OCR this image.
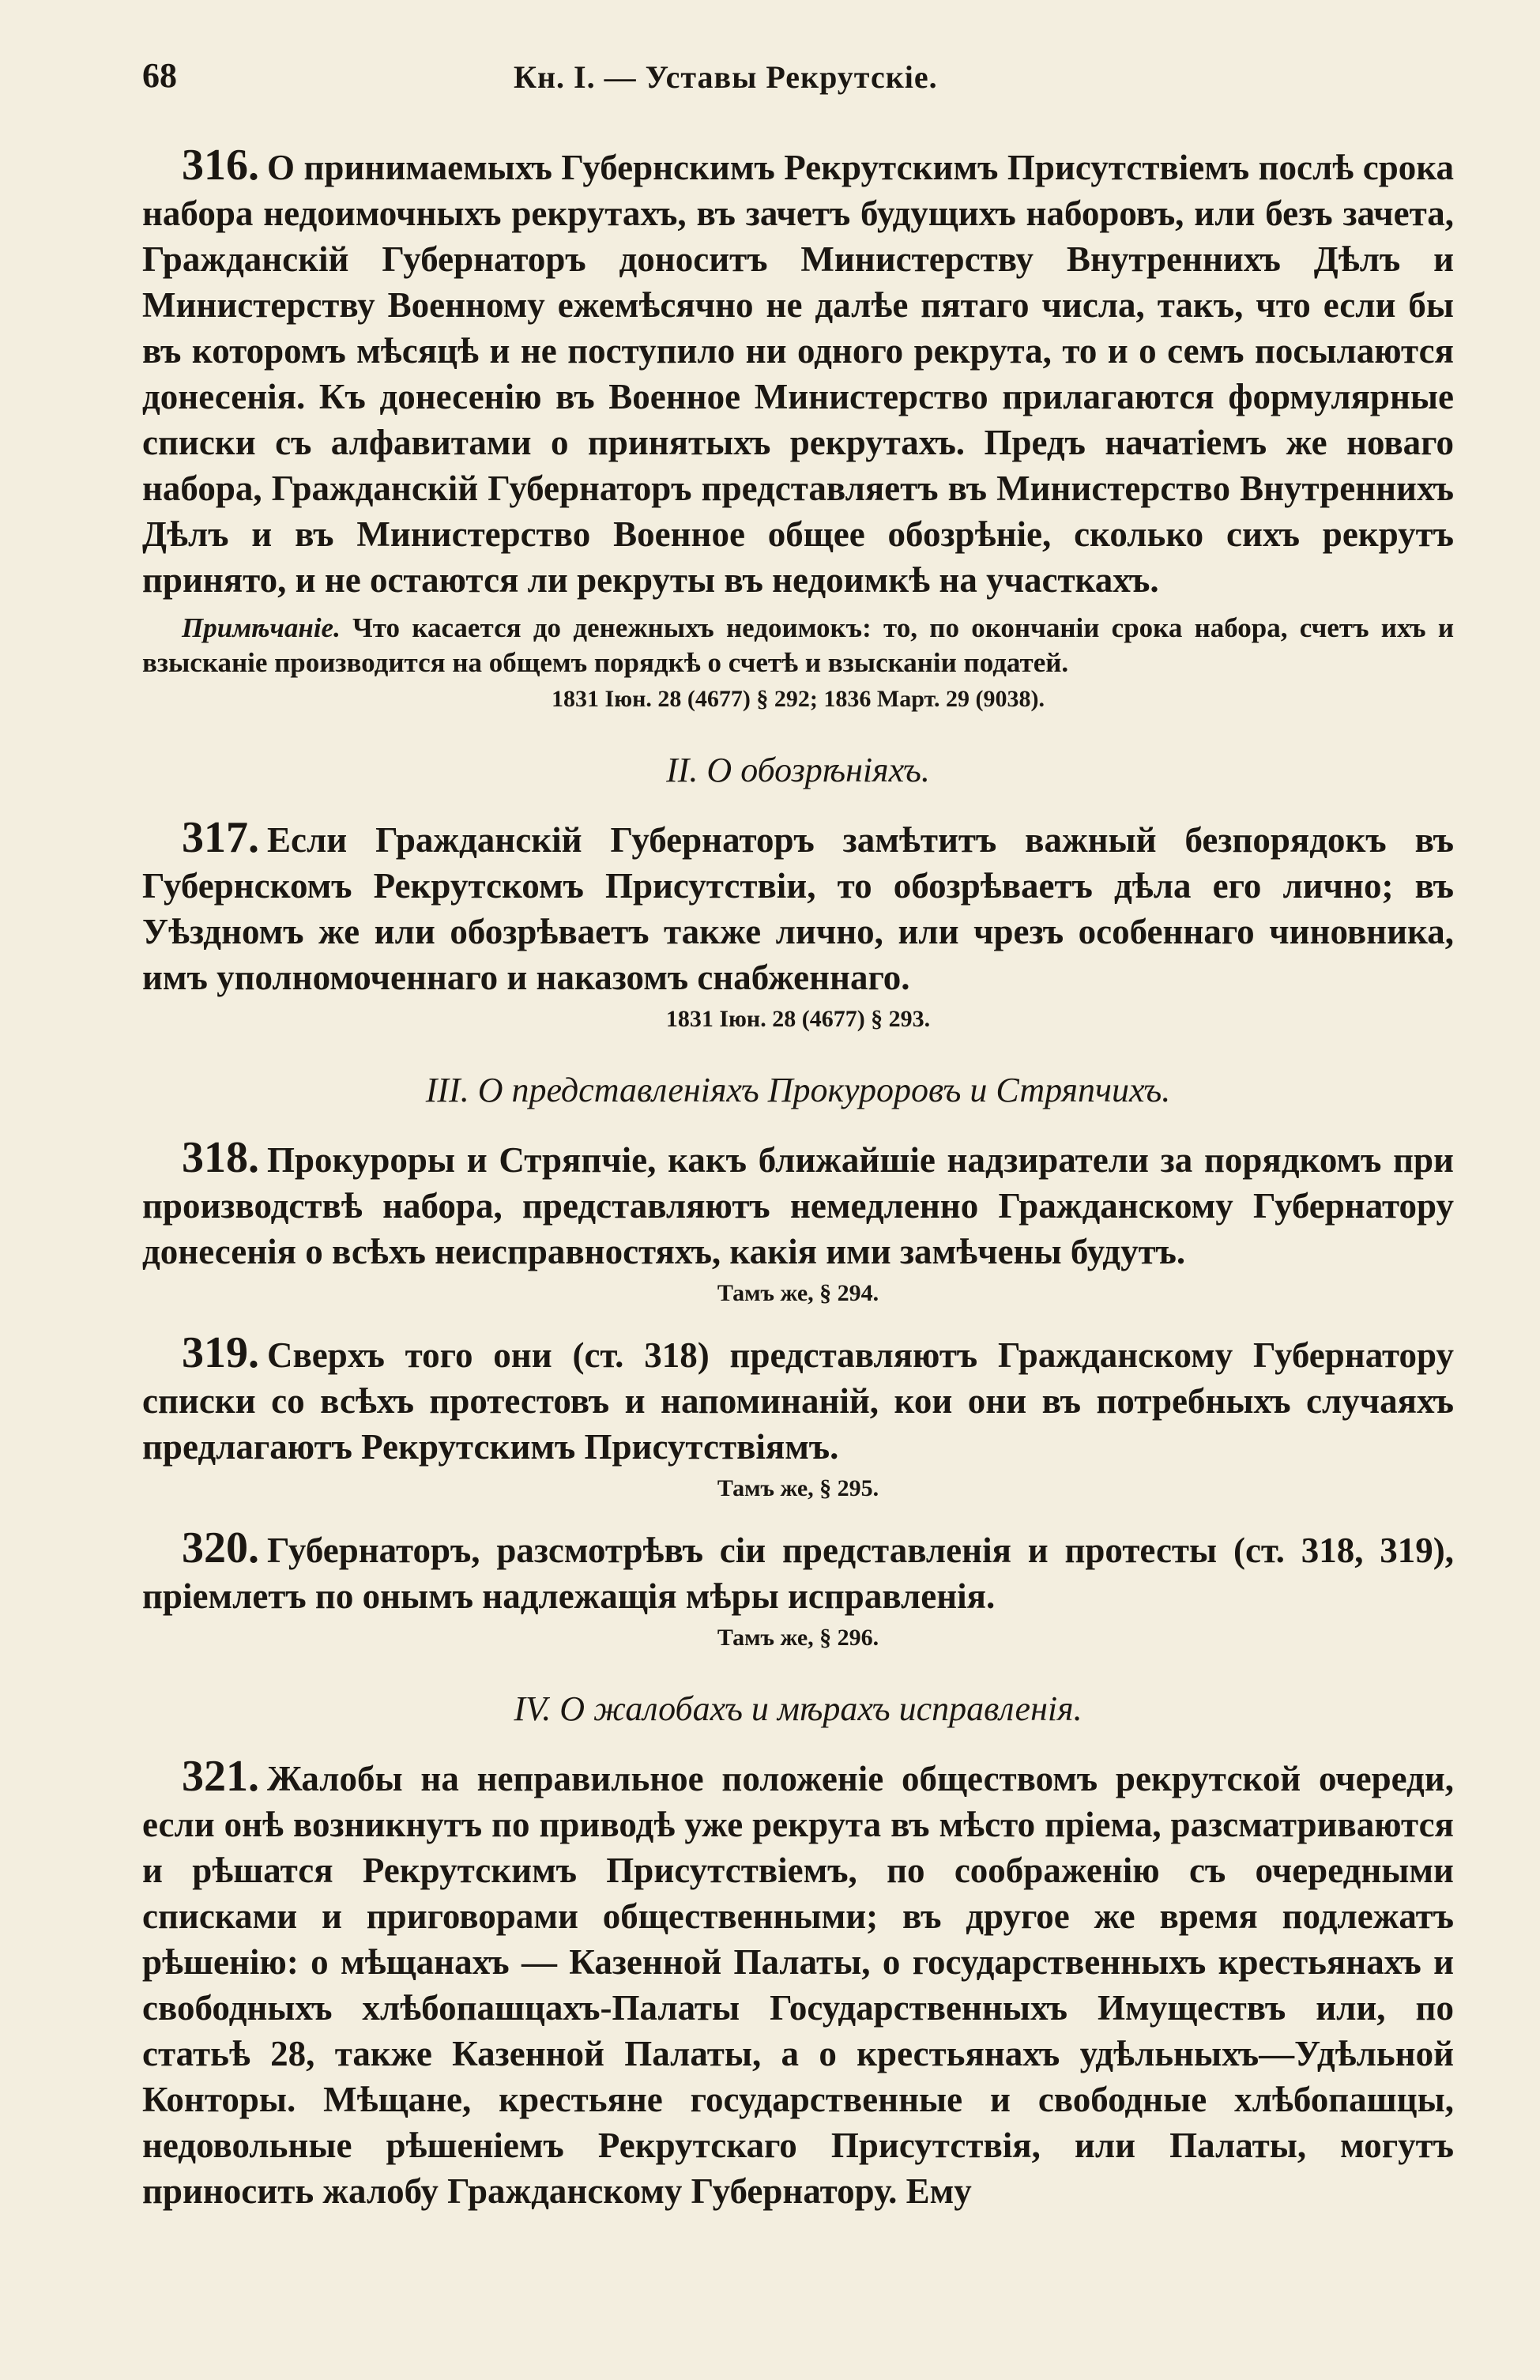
68	Кн. I. — Уставы Рекрутскіе.

316. О принимаемыхъ Губернскимъ Рекрутскимъ Присутствіемъ послѣ срока набора недоимочныхъ рекрутахъ, въ зачетъ будущихъ наборовъ, или безъ зачета, Гражданскій Губернаторъ доноситъ Министерству Внутреннихъ Дѣлъ и Министерству Военному ежемѣсячно не далѣе пятаго числа, такъ, что если бы въ которомъ мѣсяцѣ и не поступило ни одного рекрута, то и о семъ посылаются донесенія. Къ донесенію въ Военное Министерство прилагаются формулярные списки съ алфавитами о принятыхъ рекрутахъ. Предъ начатіемъ же новаго набора, Гражданскій Губернаторъ представляетъ въ Министерство Внутреннихъ Дѣлъ и въ Министерство Военное общее обозрѣніе, сколько сихъ рекрутъ принято, и не остаются ли рекруты въ недоимкѣ на участкахъ.

Примѣчаніе. Что касается до денежныхъ недоимокъ: то, по окончаніи срока набора, счетъ ихъ и взысканіе производится на общемъ порядкѣ о счетѣ и взысканіи податей.

1831 Іюн. 28 (4677) § 292; 1836 Март. 29 (9038).

II. О обозрѣніяхъ.

317. Если Гражданскій Губернаторъ замѣтитъ важный безпорядокъ въ Губернскомъ Рекрутскомъ Присутствіи, то обозрѣваетъ дѣла его лично; въ Уѣздномъ же или обозрѣваетъ также лично, или чрезъ особеннаго чиновника, имъ уполномоченнаго и наказомъ снабженнаго.

1831 Іюн. 28 (4677) § 293.

III. О представленіяхъ Прокуроровъ и Стряпчихъ.

318. Прокуроры и Стряпчіе, какъ ближайшіе надзиратели за порядкомъ при производствѣ набора, представляютъ немедленно Гражданскому Губернатору донесенія о всѣхъ неисправностяхъ, какія ими замѣчены будутъ.

Тамъ же, § 294.

319. Сверхъ того они (ст. 318) представляютъ Гражданскому Губернатору списки со всѣхъ протестовъ и напоминаній, кои они въ потребныхъ случаяхъ предлагаютъ Рекрутскимъ Присутствіямъ.

Тамъ же, § 295.

320. Губернаторъ, разсмотрѣвъ сіи представленія и протесты (ст. 318, 319), пріемлетъ по онымъ надлежащія мѣры исправленія.

Тамъ же, § 296.

IV. О жалобахъ и мѣрахъ исправленія.

321. Жалобы на неправильное положеніе обществомъ рекрутской очереди, если онѣ возникнутъ по приводѣ уже рекрута въ мѣсто пріема, разсматриваются и рѣшатся Рекрутскимъ Присутствіемъ, по соображенію съ очередными списками и приговорами общественными; въ другое же время подлежатъ рѣшенію: о мѣщанахъ — Казенной Палаты, о государственныхъ крестьянахъ и свободныхъ хлѣбопашцахъ-Палаты Государственныхъ Имуществъ или, по статьѣ 28, также Казенной Палаты, а о крестьянахъ удѣльныхъ—Удѣльной Конторы. Мѣщане, крестьяне государственные и свободные хлѣбопашцы, недовольные рѣшеніемъ Рекрутскаго Присутствія, или Палаты, могутъ приносить жалобу Гражданскому Губернатору. Ему
